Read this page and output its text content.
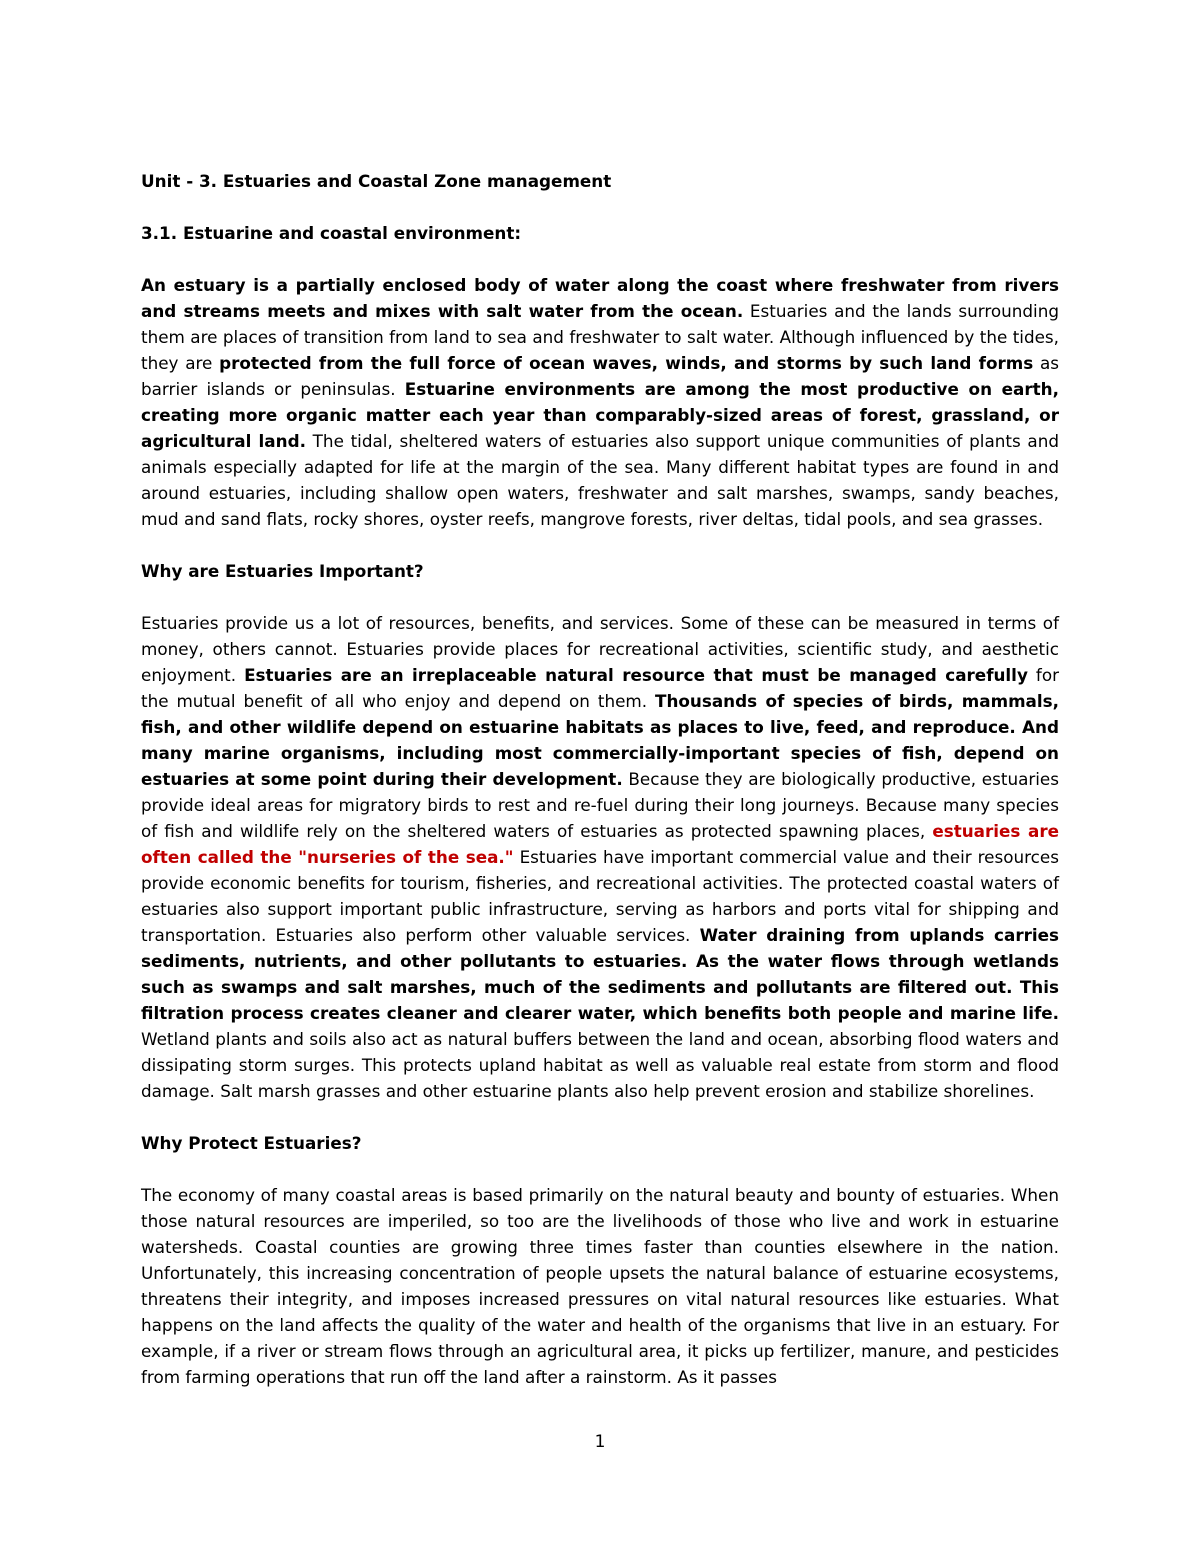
Unit - 3. Estuaries and Coastal Zone management
3.1. Estuarine and coastal environment:
An estuary is a partially enclosed body of water along the coast where freshwater from rivers and streams meets and mixes with salt water from the ocean. Estuaries and the lands surrounding them are places of transition from land to sea and freshwater to salt water. Although influenced by the tides, they are protected from the full force of ocean waves, winds, and storms by such land forms as barrier islands or peninsulas. Estuarine environments are among the most productive on earth, creating more organic matter each year than comparably-sized areas of forest, grassland, or agricultural land. The tidal, sheltered waters of estuaries also support unique communities of plants and animals especially adapted for life at the margin of the sea. Many different habitat types are found in and around estuaries, including shallow open waters, freshwater and salt marshes, swamps, sandy beaches, mud and sand flats, rocky shores, oyster reefs, mangrove forests, river deltas, tidal pools, and sea grasses.
Why are Estuaries Important?
Estuaries provide us a lot of resources, benefits, and services. Some of these can be measured in terms of money, others cannot. Estuaries provide places for recreational activities, scientific study, and aesthetic enjoyment. Estuaries are an irreplaceable natural resource that must be managed carefully for the mutual benefit of all who enjoy and depend on them. Thousands of species of birds, mammals, fish, and other wildlife depend on estuarine habitats as places to live, feed, and reproduce. And many marine organisms, including most commercially-important species of fish, depend on estuaries at some point during their development. Because they are biologically productive, estuaries provide ideal areas for migratory birds to rest and re-fuel during their long journeys. Because many species of fish and wildlife rely on the sheltered waters of estuaries as protected spawning places, estuaries are often called the "nurseries of the sea." Estuaries have important commercial value and their resources provide economic benefits for tourism, fisheries, and recreational activities. The protected coastal waters of estuaries also support important public infrastructure, serving as harbors and ports vital for shipping and transportation. Estuaries also perform other valuable services. Water draining from uplands carries sediments, nutrients, and other pollutants to estuaries. As the water flows through wetlands such as swamps and salt marshes, much of the sediments and pollutants are filtered out. This filtration process creates cleaner and clearer water, which benefits both people and marine life. Wetland plants and soils also act as natural buffers between the land and ocean, absorbing flood waters and dissipating storm surges. This protects upland habitat as well as valuable real estate from storm and flood damage. Salt marsh grasses and other estuarine plants also help prevent erosion and stabilize shorelines.
Why Protect Estuaries?
The economy of many coastal areas is based primarily on the natural beauty and bounty of estuaries. When those natural resources are imperiled, so too are the livelihoods of those who live and work in estuarine watersheds. Coastal counties are growing three times faster than counties elsewhere in the nation. Unfortunately, this increasing concentration of people upsets the natural balance of estuarine ecosystems, threatens their integrity, and imposes increased pressures on vital natural resources like estuaries. What happens on the land affects the quality of the water and health of the organisms that live in an estuary. For example, if a river or stream flows through an agricultural area, it picks up fertilizer, manure, and pesticides from farming operations that run off the land after a rainstorm. As it passes
1
